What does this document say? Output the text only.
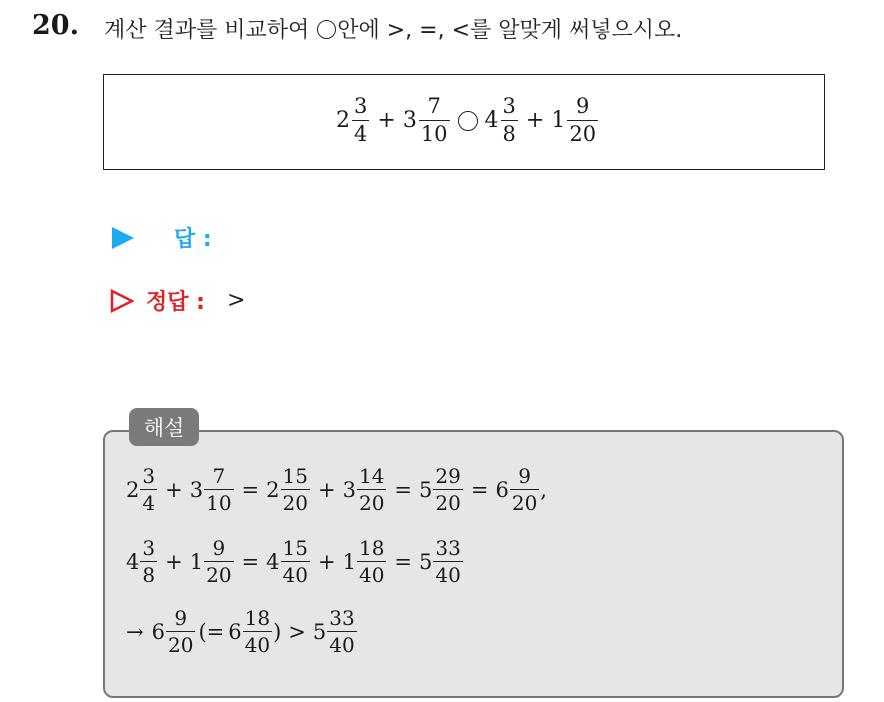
20. 계산 결과를 비교하여 안에 >, =, <를 알맞게 써넣으시오.
$2 \frac{3}{4} + 3 \frac{7}{10} 4 \frac{3}{8} + 1 \frac{9}{20}$
답 :
정답 : >
해설
$2 \frac{3}{4} + 3 \frac{7}{10} = 2 \frac{15}{20} + 3 \frac{14}{20} = 5 \frac{29}{20} = 6 \frac{9}{20}$ ,
$4 \frac{3}{8} + 1 \frac{9}{20} = 4 \frac{15}{40} + 1 \frac{18}{40} = 5 \frac{33}{40}$
→ $6 \frac{9}{20}$ (= $6 \frac{18}{40}$ ) > $5 \frac{33}{40}$
